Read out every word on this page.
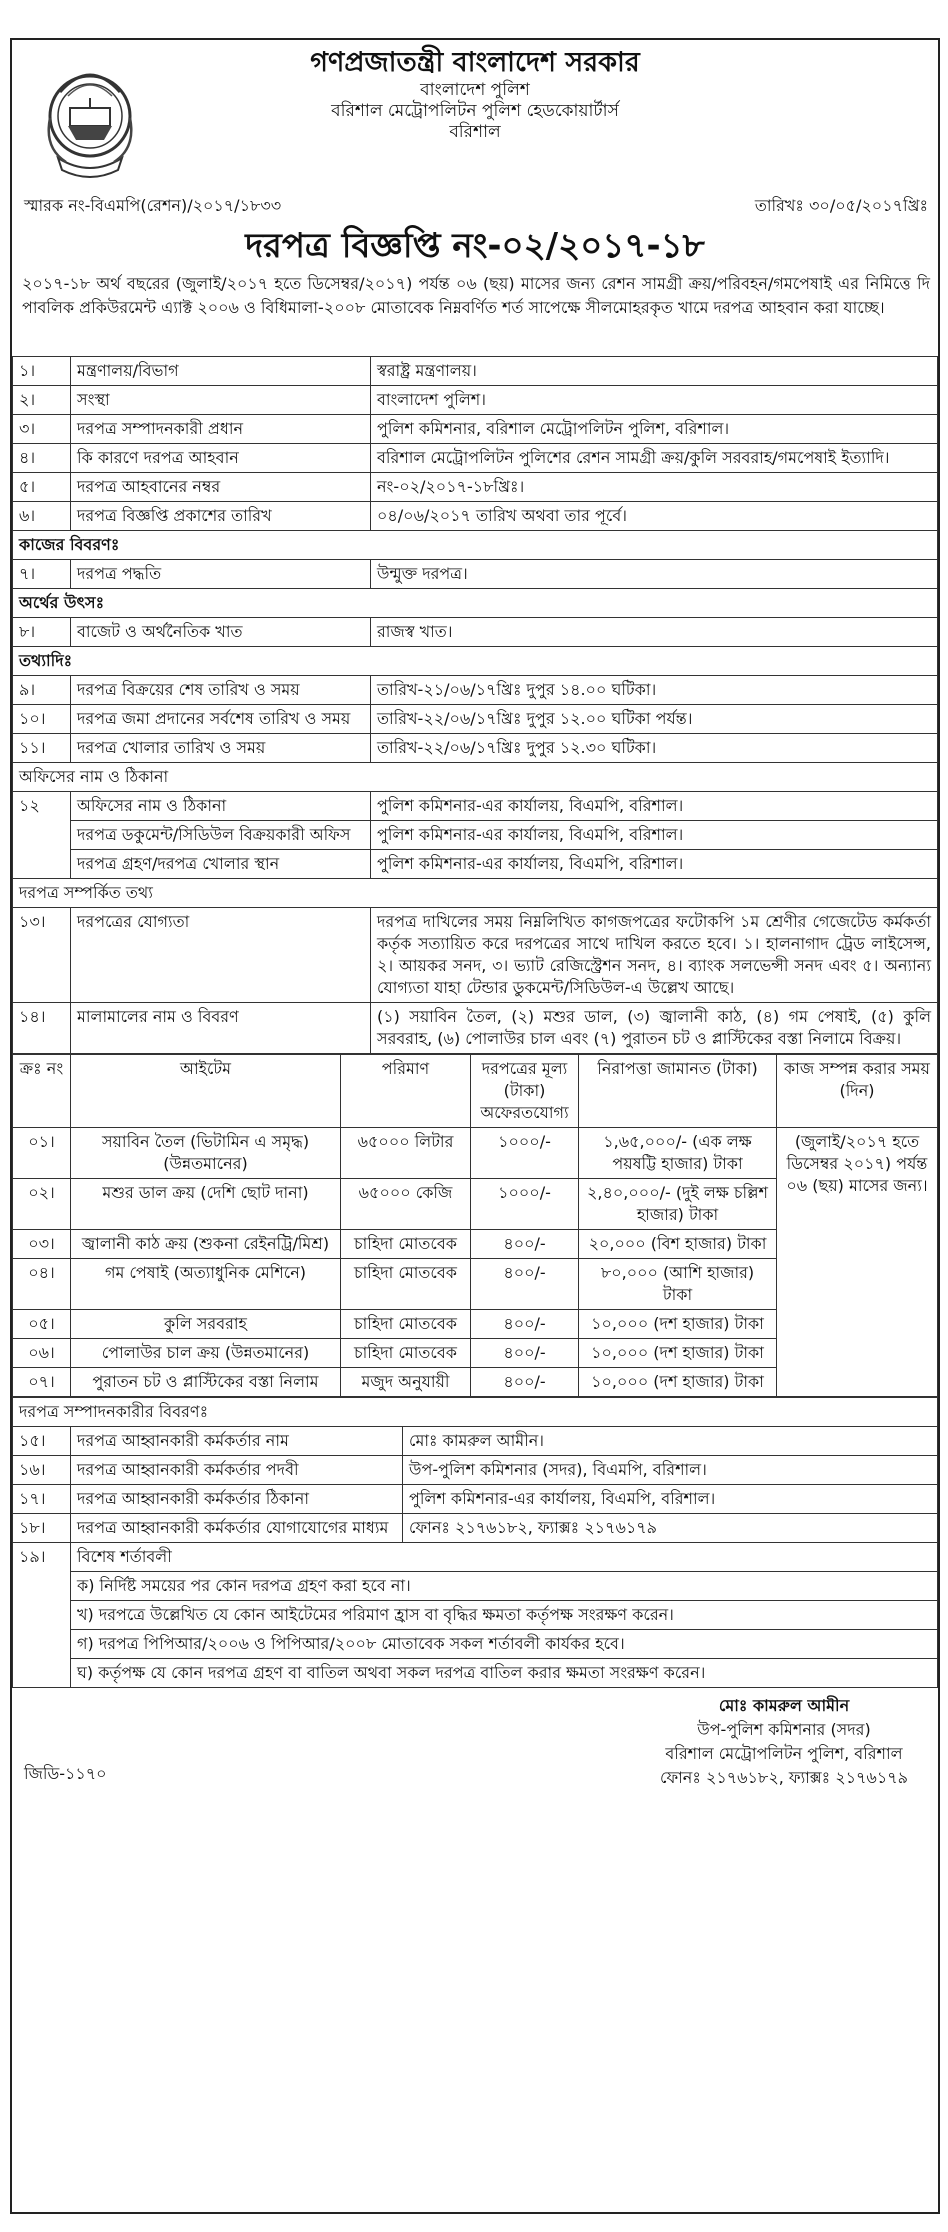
গণপ্রজাতন্ত্রী বাংলাদেশ সরকার
বাংলাদেশ পুলিশ
বরিশাল মেট্রোপলিটন পুলিশ হেডকোয়ার্টার্স
বরিশাল
স্মারক নং-বিএমপি(রেশন)/২০১৭/১৮৩৩	তারিখঃ ৩০/০৫/২০১৭খ্রিঃ
দরপত্র বিজ্ঞপ্তি নং-০২/২০১৭-১৮
২০১৭-১৮ অর্থ বছরের (জুলাই/২০১৭ হতে ডিসেম্বর/২০১৭) পর্যন্ত ০৬ (ছয়) মাসের জন্য রেশন সামগ্রী ক্রয়/পরিবহন/গমপেষাই এর নিমিত্তে দি পাবলিক প্রকিউরমেন্ট এ্যাক্ট ২০০৬ ও বিধিমালা-২০০৮ মোতাবেক নিম্নবর্ণিত শর্ত সাপেক্ষে সীলমোহরকৃত খামে দরপত্র আহবান করা যাচ্ছে।
১।	মন্ত্রণালয়/বিভাগ	স্বরাষ্ট্র মন্ত্রণালয়।
২।	সংস্থা	বাংলাদেশ পুলিশ।
৩।	দরপত্র সম্পাদনকারী প্রধান	পুলিশ কমিশনার, বরিশাল মেট্রোপলিটন পুলিশ, বরিশাল।
৪।	কি কারণে দরপত্র আহবান	বরিশাল মেট্রোপলিটন পুলিশের রেশন সামগ্রী ক্রয়/কুলি সরবরাহ/গমপেষাই ইত্যাদি।
৫।	দরপত্র আহবানের নম্বর	নং-০২/২০১৭-১৮খ্রিঃ।
৬।	দরপত্র বিজ্ঞপ্তি প্রকাশের তারিখ	০৪/০৬/২০১৭ তারিখ অথবা তার পূর্বে।
কাজের বিবরণঃ		
৭।	দরপত্র পদ্ধতি	উন্মুক্ত দরপত্র।
অর্থের উৎসঃ		
৮।	বাজেট ও অর্থনৈতিক খাত	রাজস্ব খাত।
তথ্যাদিঃ		
৯।	দরপত্র বিক্রয়ের শেষ তারিখ ও সময়	তারিখ-২১/০৬/১৭খ্রিঃ দুপুর ১৪.০০ ঘটিকা।
১০।	দরপত্র জমা প্রদানের সর্বশেষ তারিখ ও সময়	তারিখ-২২/০৬/১৭খ্রিঃ দুপুর ১২.০০ ঘটিকা পর্যন্ত।
১১।	দরপত্র খোলার তারিখ ও সময়	তারিখ-২২/০৬/১৭খ্রিঃ দুপুর ১২.৩০ ঘটিকা।
অফিসের নাম ও ঠিকানা		
১২	অফিসের নাম ও ঠিকানা	পুলিশ কমিশনার-এর কার্যালয়, বিএমপি, বরিশাল।
	দরপত্র ডকুমেন্ট/সিডিউল বিক্রয়কারী অফিস	পুলিশ কমিশনার-এর কার্যালয়, বিএমপি, বরিশাল।
	দরপত্র গ্রহণ/দরপত্র খোলার স্থান	পুলিশ কমিশনার-এর কার্যালয়, বিএমপি, বরিশাল।
দরপত্র সম্পর্কিত তথ্য		
১৩।	দরপত্রের যোগ্যতা	দরপত্র দাখিলের সময় নিম্নলিখিত কাগজপত্রের ফটোকপি ১ম শ্রেণীর গেজেটেড কর্মকর্তা কর্তৃক সত্যায়িত করে দরপত্রের সাথে দাখিল করতে হবে। ১। হালনাগাদ ট্রেড লাইসেন্স, ২। আয়কর সনদ, ৩। ভ্যাট রেজিস্ট্রেশন সনদ, ৪। ব্যাংক সলভেন্সী সনদ এবং ৫। অন্যান্য যোগ্যতা যাহা টেন্ডার ডুকমেন্ট/সিডিউল-এ উল্লেখ আছে।
১৪।	মালামালের নাম ও বিবরণ	(১) সয়াবিন তৈল, (২) মশুর ডাল, (৩) জ্বালানী কাঠ, (৪) গম পেষাই, (৫) কুলি সরবরাহ, (৬) পোলাউর চাল এবং (৭) পুরাতন চট ও প্লাস্টিকের বস্তা নিলামে বিক্রয়।
ক্রঃ নং	আইটেম	পরিমাণ	দরপত্রের মূল্য (টাকা) অফেরতযোগ্য	নিরাপত্তা জামানত (টাকা)	কাজ সম্পন্ন করার সময় (দিন)
০১।	সয়াবিন তৈল (ভিটামিন এ সমৃদ্ধ) (উন্নতমানের)	৬৫০০০ লিটার	১০০০/-	১,৬৫,০০০/- (এক লক্ষ পয়ষট্টি হাজার) টাকা	(জুলাই/২০১৭ হতে ডিসেম্বর ২০১৭) পর্যন্ত ০৬ (ছয়) মাসের জন্য।
০২।	মশুর ডাল ক্রয় (দেশি ছোট দানা)	৬৫০০০ কেজি	১০০০/-	২,৪০,০০০/- (দুই লক্ষ চল্লিশ হাজার) টাকা	
০৩।	জ্বালানী কাঠ ক্রয় (শুকনা রেইনট্রি/মিশ্র)	চাহিদা মোতবেক	৪০০/-	২০,০০০ (বিশ হাজার) টাকা	
০৪।	গম পেষাই (অত্যাধুনিক মেশিনে)	চাহিদা মোতবেক	৪০০/-	৮০,০০০ (আশি হাজার) টাকা	
০৫।	কুলি সরবরাহ	চাহিদা মোতবেক	৪০০/-	১০,০০০ (দশ হাজার) টাকা	
০৬।	পোলাউর চাল ক্রয় (উন্নতমানের)	চাহিদা মোতবেক	৪০০/-	১০,০০০ (দশ হাজার) টাকা	
০৭।	পুরাতন চট ও প্লাস্টিকের বস্তা নিলাম	মজুদ অনুযায়ী	৪০০/-	১০,০০০ (দশ হাজার) টাকা	
দরপত্র সম্পাদনকারীর বিবরণঃ		
১৫।	দরপত্র আহ্বানকারী কর্মকর্তার নাম	মোঃ কামরুল আমীন।
১৬।	দরপত্র আহ্বানকারী কর্মকর্তার পদবী	উপ-পুলিশ কমিশনার (সদর), বিএমপি, বরিশাল।
১৭।	দরপত্র আহ্বানকারী কর্মকর্তার ঠিকানা	পুলিশ কমিশনার-এর কার্যালয়, বিএমপি, বরিশাল।
১৮।	দরপত্র আহ্বানকারী কর্মকর্তার যোগাযোগের মাধ্যম	ফোনঃ ২১৭৬১৮২, ফ্যাক্সঃ ২১৭৬১৭৯
১৯।	বিশেষ শর্তাবলী	
	ক) নির্দিষ্ট সময়ের পর কোন দরপত্র গ্রহণ করা হবে না।	
	খ) দরপত্রে উল্লেখিত যে কোন আইটেমের পরিমাণ হ্রাস বা বৃদ্ধির ক্ষমতা কর্তৃপক্ষ সংরক্ষণ করেন।	
	গ) দরপত্র পিপিআর/২০০৬ ও পিপিআর/২০০৮ মোতাবেক সকল শর্তাবলী কার্যকর হবে।	
	ঘ) কর্তৃপক্ষ যে কোন দরপত্র গ্রহণ বা বাতিল অথবা সকল দরপত্র বাতিল করার ক্ষমতা সংরক্ষণ করেন।	
মোঃ কামরুল আমীন
উপ-পুলিশ কমিশনার (সদর)
বরিশাল মেট্রোপলিটন পুলিশ, বরিশাল
ফোনঃ ২১৭৬১৮২, ফ্যাক্সঃ ২১৭৬১৭৯
জিডি-১১৭০
